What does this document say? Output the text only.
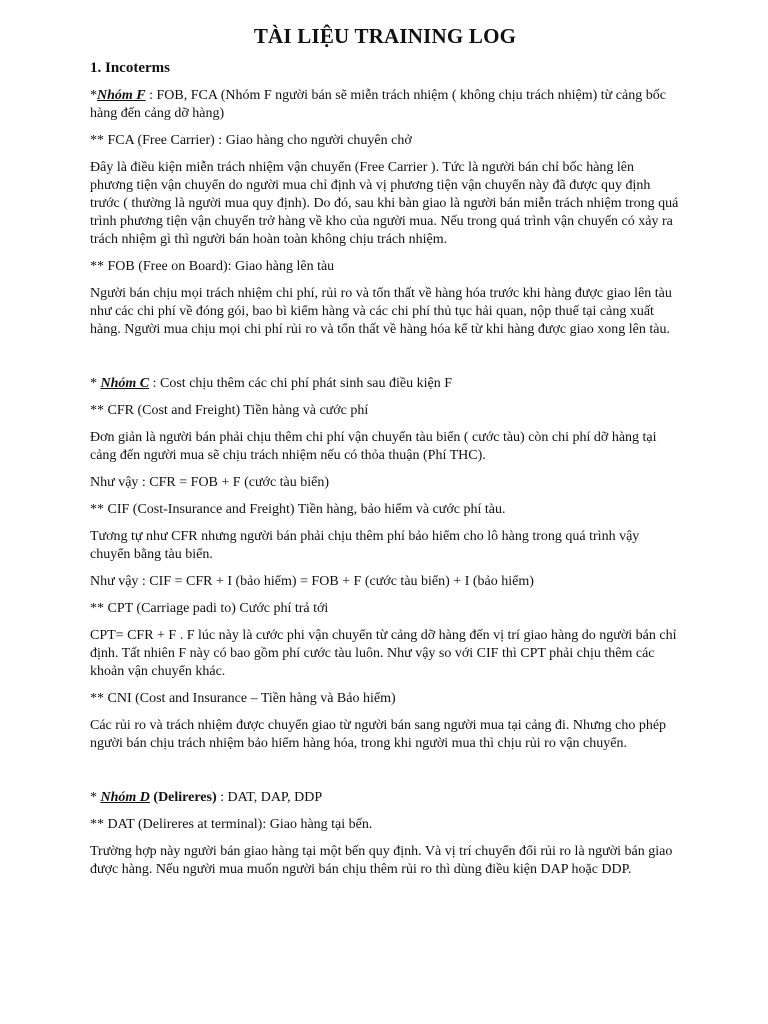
TÀI LIỆU TRAINING LOG
1. Incoterms

*Nhóm F : FOB, FCA (Nhóm F người bán sẽ miễn trách nhiệm ( không chịu trách nhiệm) từ cảng bốc hàng đến cảng dỡ hàng)

** FCA (Free Carrier) : Giao hàng cho người chuyên chở

Đây là điều kiện miễn trách nhiệm vận chuyển (Free Carrier ). Tức là người bán chỉ bốc hàng lên phương tiện vận chuyển do người mua chỉ định và vị phương tiện vận chuyển này đã được quy định trước ( thường là người mua quy định). Do đó, sau khi bàn giao là người bán miễn trách nhiệm trong quá trình phương tiện vận chuyển trở hàng về kho của người mua. Nếu trong quá trình vận chuyển có xảy ra trách nhiệm gì thì người bán hoàn toàn không chịu trách nhiệm.

** FOB (Free on Board): Giao hàng lên tàu

Người bán chịu mọi trách nhiệm chi phí, rủi ro và tổn thất về hàng hóa trước khi hàng được giao lên tàu như các chi phí về đóng gói, bao bì kiểm hàng và các chi phí thủ tục hải quan, nộp thuế tại cảng xuất hàng. Người mua chịu mọi chi phí rủi ro và tổn thất về hàng hóa kể từ khi hàng được giao xong lên tàu.

* Nhóm C : Cost chịu thêm các chi phí phát sinh sau điều kiện F

** CFR (Cost and Freight) Tiền hàng và cước phí

Đơn giản là người bán phải chịu thêm chi phí vận chuyển tàu biển ( cước tàu) còn chi phí dỡ hàng tại cảng đến người mua sẽ chịu trách nhiệm nếu có thỏa thuận (Phí THC).

Như vậy : CFR = FOB + F (cước tàu biển)

** CIF (Cost-Insurance and Freight) Tiền hàng, bảo hiểm và cước phí tàu.

Tương tự như CFR nhưng người bán phải chịu thêm phí bảo hiểm cho lô hàng trong quá trình vậy chuyển bằng tàu biển.

Như vậy : CIF = CFR + I (bảo hiểm) = FOB + F (cước tàu biển) + I (bảo hiểm)

** CPT (Carriage padi to) Cước phí trả tới

CPT= CFR + F . F lúc này là cước phi vận chuyển từ cảng dỡ hàng đến vị trí giao hàng do người bán chỉ định. Tất nhiên F này có bao gồm phí cước tàu luôn. Như vậy so với CIF thì CPT phải chịu thêm các khoản vận chuyển khác.

** CNI (Cost and Insurance – Tiền hàng và Bảo hiểm)

Các rủi ro và trách nhiệm được chuyển giao từ người bán sang người mua tại cảng đi. Nhưng cho phép người bán chịu trách nhiệm bảo hiểm hàng hóa, trong khi người mua thì chịu rủi ro vận chuyển.

* Nhóm D (Delireres) : DAT, DAP, DDP

** DAT (Delireres at terminal): Giao hàng tại bến.

Trường hợp này người bán giao hàng tại một bến quy định. Và vị trí chuyển đổi rủi ro là người bán giao được hàng. Nếu người mua muốn người bán chịu thêm rủi ro thì dùng điều kiện DAP hoặc DDP.
